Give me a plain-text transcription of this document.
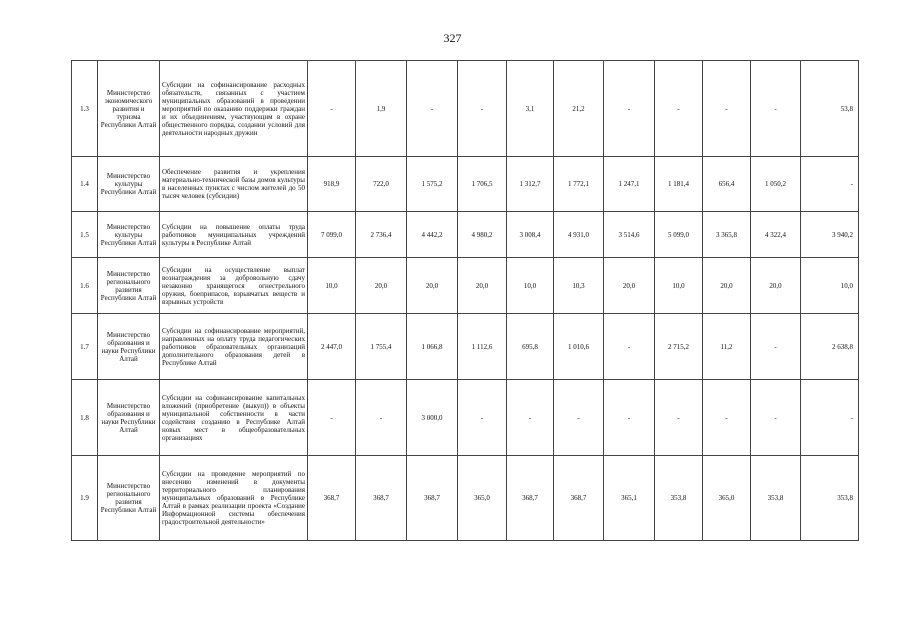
327
1.3	Министерство экономического развития и туризма Республики Алтай	Субсидии на софинансирование расходных обязательств, связанных с участием муниципальных образований в проведении мероприятий по оказанию поддержки граждан и их объединениям, участвующим в охране общественного порядка, создании условий для деятельности народных дружин	-	1,9	-	-	3,1	21,2	-	-	-	-	53,8
1.4	Министерство культуры Республики Алтай	Обеспечение развития и укрепления материально-технической базы домов культуры в населенных пунктах с числом жителей до 50 тысяч человек (субсидии)	918,9	722,0	1 575,2	1 706,5	1 312,7	1 772,1	1 247,1	1 181,4	656,4	1 050,2	-
1.5	Министерство культуры Республики Алтай	Субсидии на повышение оплаты труда работников муниципальных учреждений культуры в Республике Алтай	7 099,0	2 736,4	4 442,2	4 980,2	3 008,4	4 931,0	3 514,6	5 099,0	3 365,8	4 322,4	3 940,2
1.6	Министерство регионального развития Республики Алтай	Субсидии на осуществление выплат вознаграждения за добровольную сдачу незаконно хранящегося огнестрельного оружия, боеприпасов, взрывчатых веществ и взрывных устройств	10,0	20,0	20,0	20,0	10,0	10,3	20,0	10,0	20,0	20,0	10,0
1.7	Министерство образования и науки Республики Алтай	Субсидии на софинансирование мероприятий, направленных на оплату труда педагогических работников образовательных организаций дополнительного образования детей в Республике Алтай	2 447,0	1 755,4	1 066,8	1 112,6	695,8	1 010,6	-	2 715,2	11,2	-	2 638,8
1.8	Министерство образования и науки Республики Алтай	Субсидии на софинансирование капитальных вложений (приобретение (выкуп)) в объекты муниципальной собственности в части содействия созданию в Республике Алтай новых мест в общеобразовательных организациях	-	-	3 000,0	-	-	-	-	-	-	-	-
1.9	Министерство регионального развития Республики Алтай	Субсидии на проведение мероприятий по внесению изменений в документы территориального планирования муниципальных образований в Республике Алтай в рамках реализации проекта «Создание Информационной системы обеспечения градостроительной деятельности»	368,7	368,7	368,7	365,0	368,7	368,7	365,1	353,8	365,0	353,8	353,8
